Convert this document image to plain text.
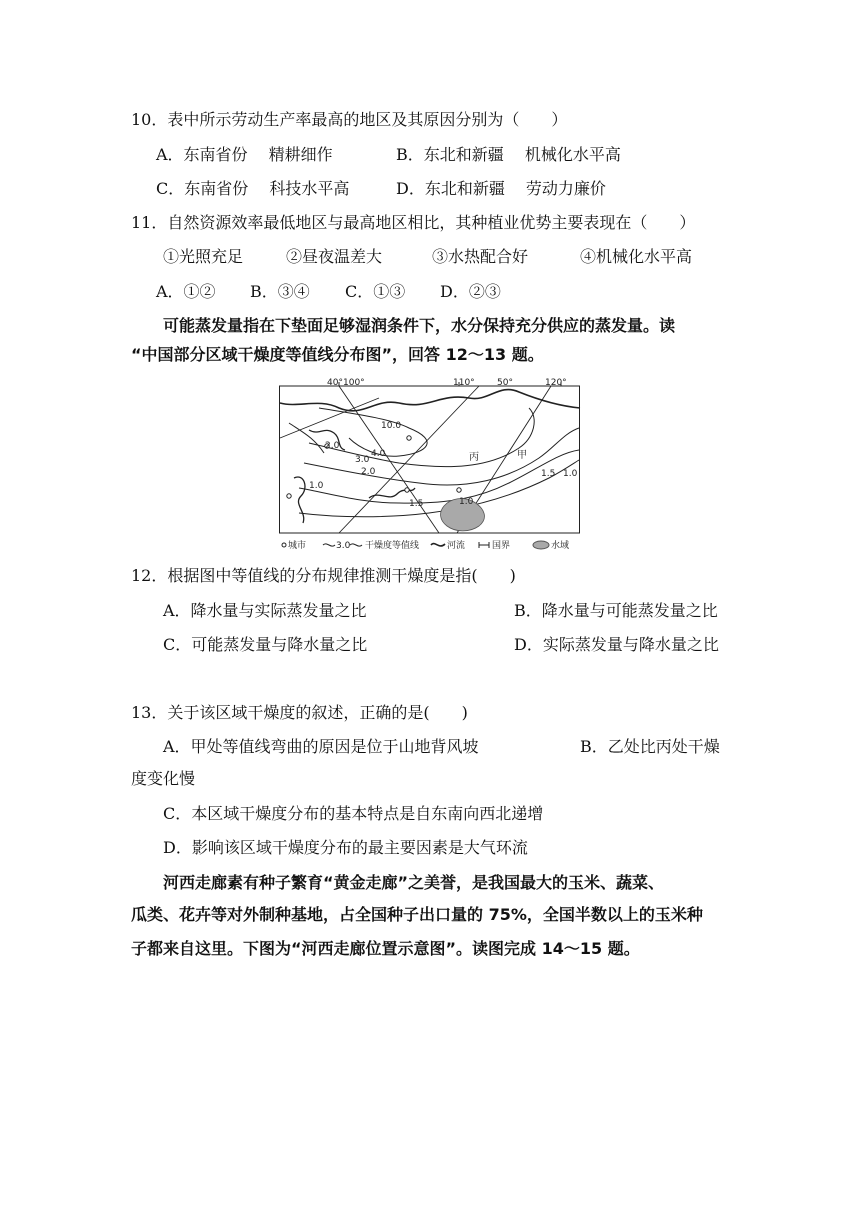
10．表中所示劳动生产率最高的地区及其原因分别为（　　）
A．东南省份　 精耕细作	B．东北和新疆　 机械化水平高
C．东南省份　 科技水平高	D．东北和新疆　 劳动力廉价
11．自然资源效率最低地区与最高地区相比，其种植业优势主要表现在（　　）
①光照充足	②昼夜温差大	③水热配合好	④机械化水平高
A．①② B．③④ C．①③ D．②③
可能蒸发量指在下垫面足够湿润条件下，水分保持充分供应的蒸发量。读
“中国部分区域干燥度等值线分布图”，回答 12～13 题。
40° 100°	110° 50°	120°
10.0
4.0
3.0
2.0
2.0
1.0
1.5	1.0
1.5 1.0
丙	甲
城市	3.0 干燥度等值线	河流	国界	水域
12．根据图中等值线的分布规律推测干燥度是指(　　)
A．降水量与实际蒸发量之比	B．降水量与可能蒸发量之比
C．可能蒸发量与降水量之比	D．实际蒸发量与降水量之比
13．关于该区域干燥度的叙述，正确的是(　　)
A．甲处等值线弯曲的原因是位于山地背风坡	B．乙处比丙处干燥
度变化慢
C．本区域干燥度分布的基本特点是自东南向西北递增
D．影响该区域干燥度分布的最主要因素是大气环流
河西走廊素有种子繁育“黄金走廊”之美誉，是我国最大的玉米、蔬菜、
瓜类、花卉等对外制种基地，占全国种子出口量的 75%，全国半数以上的玉米种
子都来自这里。下图为“河西走廊位置示意图”。读图完成 14～15 题。
